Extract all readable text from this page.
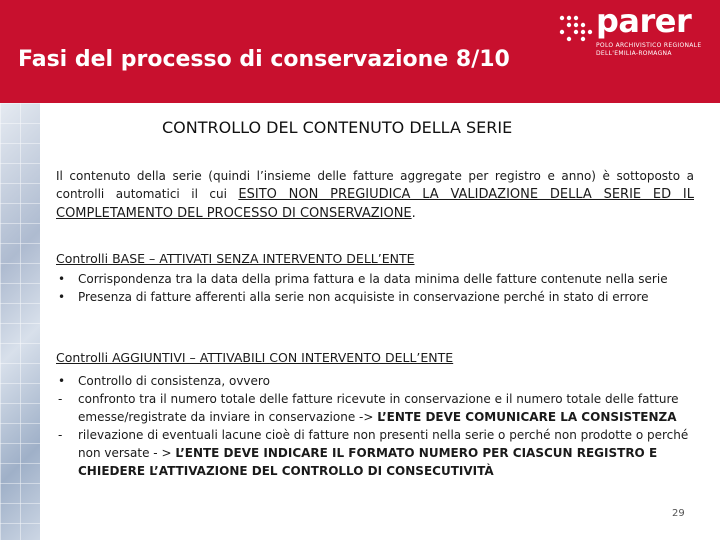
Fasi del processo di conservazione 8/10
parer
POLO ARCHIVISTICO REGIONALE
DELL'EMILIA-ROMAGNA
CONTROLLO DEL CONTENUTO DELLA SERIE
Il contenuto della serie (quindi l’insieme delle fatture aggregate per registro e anno) è sottoposto a controlli automatici il cui ESITO NON PREGIUDICA LA VALIDAZIONE DELLA SERIE ED IL COMPLETAMENTO DEL PROCESSO DI CONSERVAZIONE.
Controlli BASE – ATTIVATI SENZA INTERVENTO DELL’ENTE
• Corrispondenza tra la data della prima fattura e la data minima delle fatture contenute nella serie
• Presenza di fatture afferenti alla serie non acquisiste in conservazione perché in stato di errore
Controlli AGGIUNTIVI – ATTIVABILI CON INTERVENTO DELL’ENTE
• Controllo di consistenza, ovvero
- confronto tra il numero totale delle fatture ricevute in conservazione e il numero totale delle fatture emesse/registrate da inviare in conservazione -> L’ENTE DEVE COMUNICARE LA CONSISTENZA
- rilevazione di eventuali lacune cioè di fatture non presenti nella serie o perché non prodotte o perché non versate - > L’ENTE DEVE INDICARE IL FORMATO NUMERO PER CIASCUN REGISTRO E CHIEDERE L’ATTIVAZIONE DEL CONTROLLO DI CONSECUTIVITÀ
29
